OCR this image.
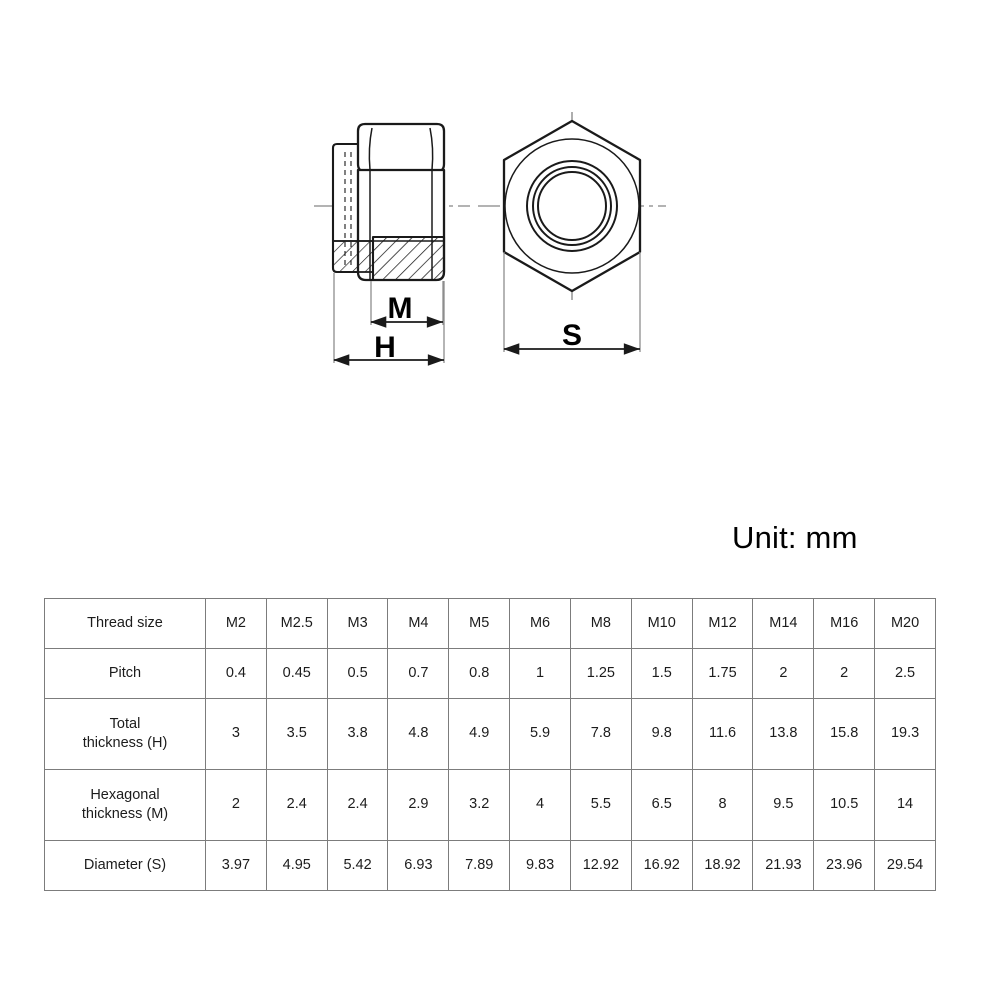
M
H	S
Unit: mm
Thread size	M2	M2.5	M3	M4	M5	M6	M8	M10	M12	M14	M16	M20

Pitch	0.4	0.45	0.5	0.7	0.8	1	1.25	1.5	1.75	2	2	2.5

Total
thickness (H)	3	3.5	3.8	4.8	4.9	5.9	7.8	9.8	11.6	13.8	15.8	19.3

Hexagonal
thickness (M)	2	2.4	2.4	2.9	3.2	4	5.5	6.5	8	9.5	10.5	14

Diameter (S)	3.97	4.95	5.42	6.93	7.89	9.83	12.92	16.92	18.92	21.93	23.96	29.54
